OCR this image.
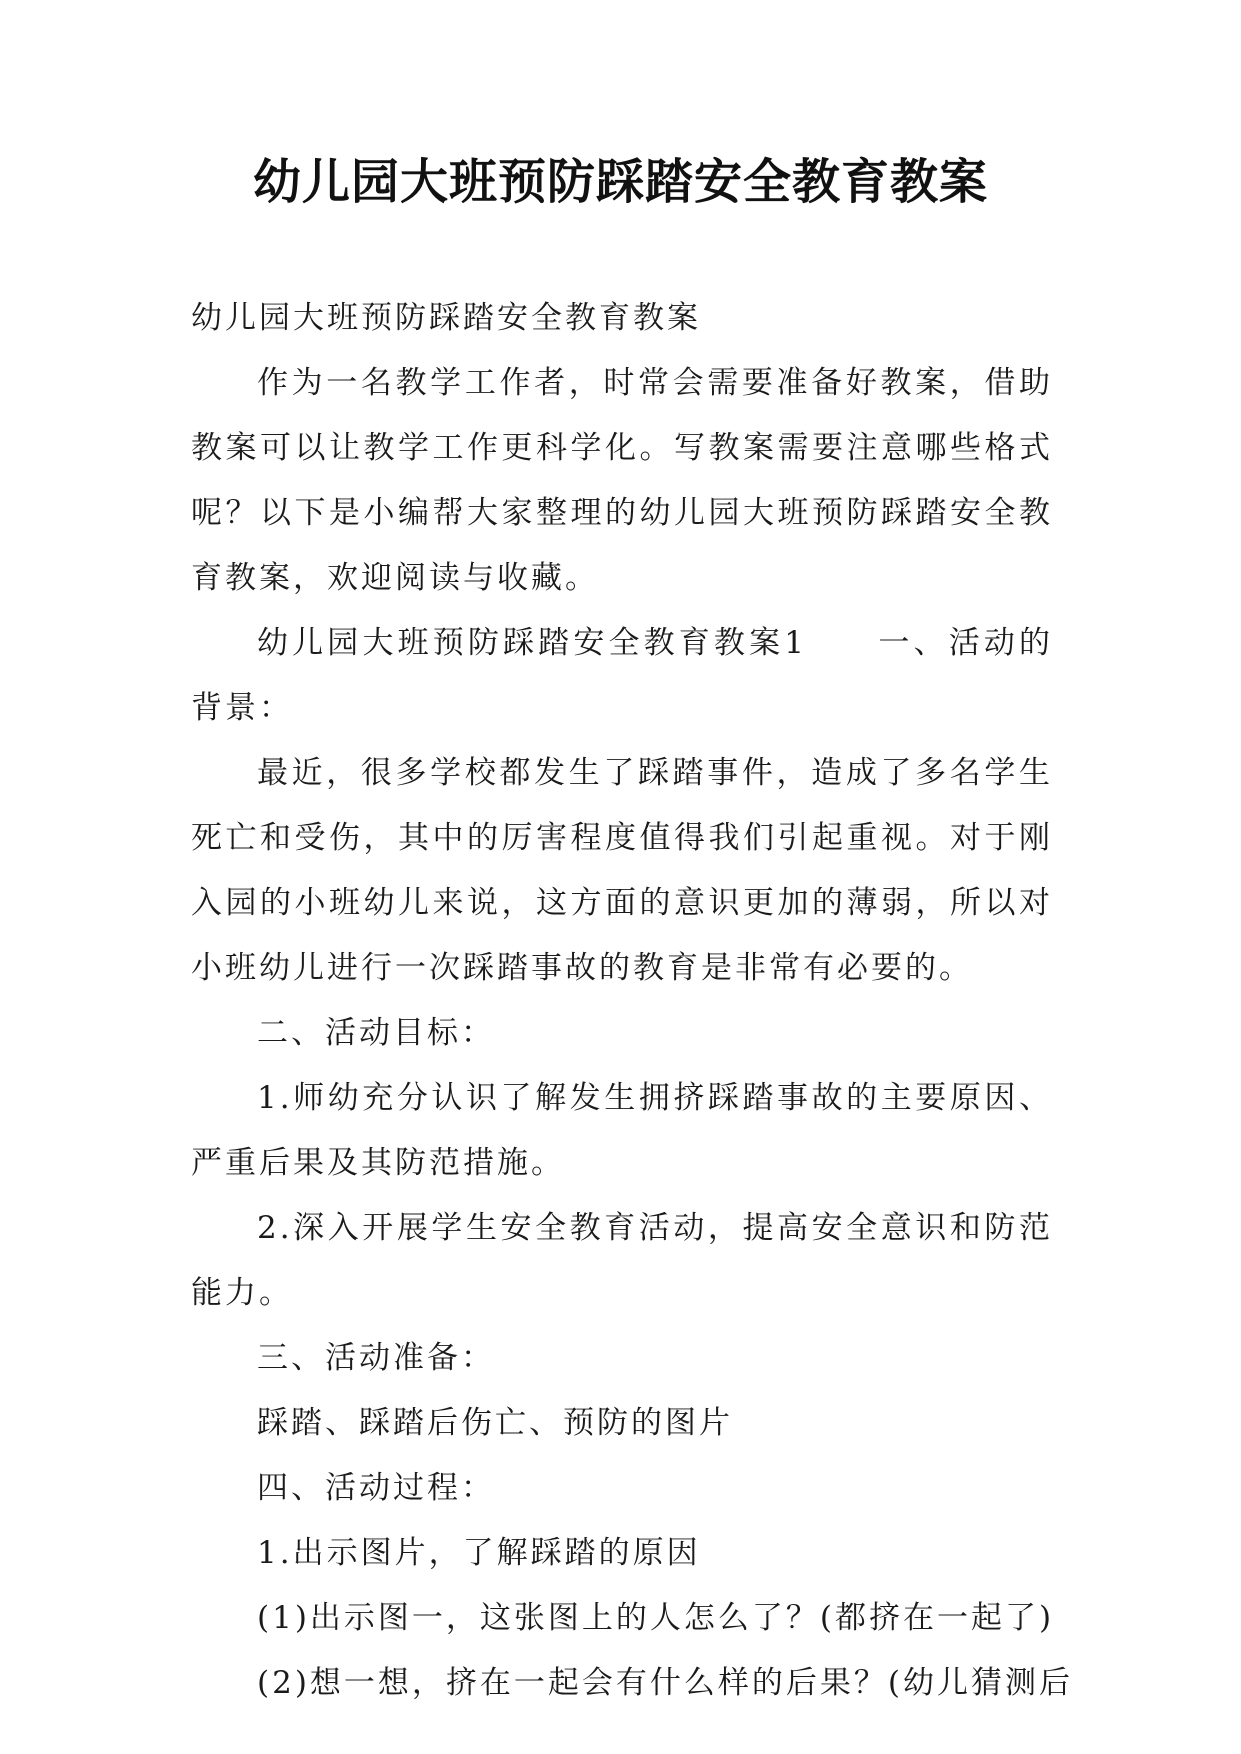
幼儿园大班预防踩踏安全教育教案

幼儿园大班预防踩踏安全教育教案

作为一名教学工作者，时常会需要准备好教案，借助教案可以让教学工作更科学化。写教案需要注意哪些格式呢？以下是小编帮大家整理的幼儿园大班预防踩踏安全教育教案，欢迎阅读与收藏。

幼儿园大班预防踩踏安全教育教案1　　一、活动的背景：

最近，很多学校都发生了踩踏事件，造成了多名学生死亡和受伤，其中的厉害程度值得我们引起重视。对于刚入园的小班幼儿来说，这方面的意识更加的薄弱，所以对小班幼儿进行一次踩踏事故的教育是非常有必要的。

二、活动目标：

1.师幼充分认识了解发生拥挤踩踏事故的主要原因、严重后果及其防范措施。

2.深入开展学生安全教育活动，提高安全意识和防范能力。

三、活动准备：

踩踏、踩踏后伤亡、预防的图片

四、活动过程：

1.出示图片，了解踩踏的原因

(1)出示图一，这张图上的人怎么了？(都挤在一起了)

(2)想一想，挤在一起会有什么样的后果？(幼儿猜测后
